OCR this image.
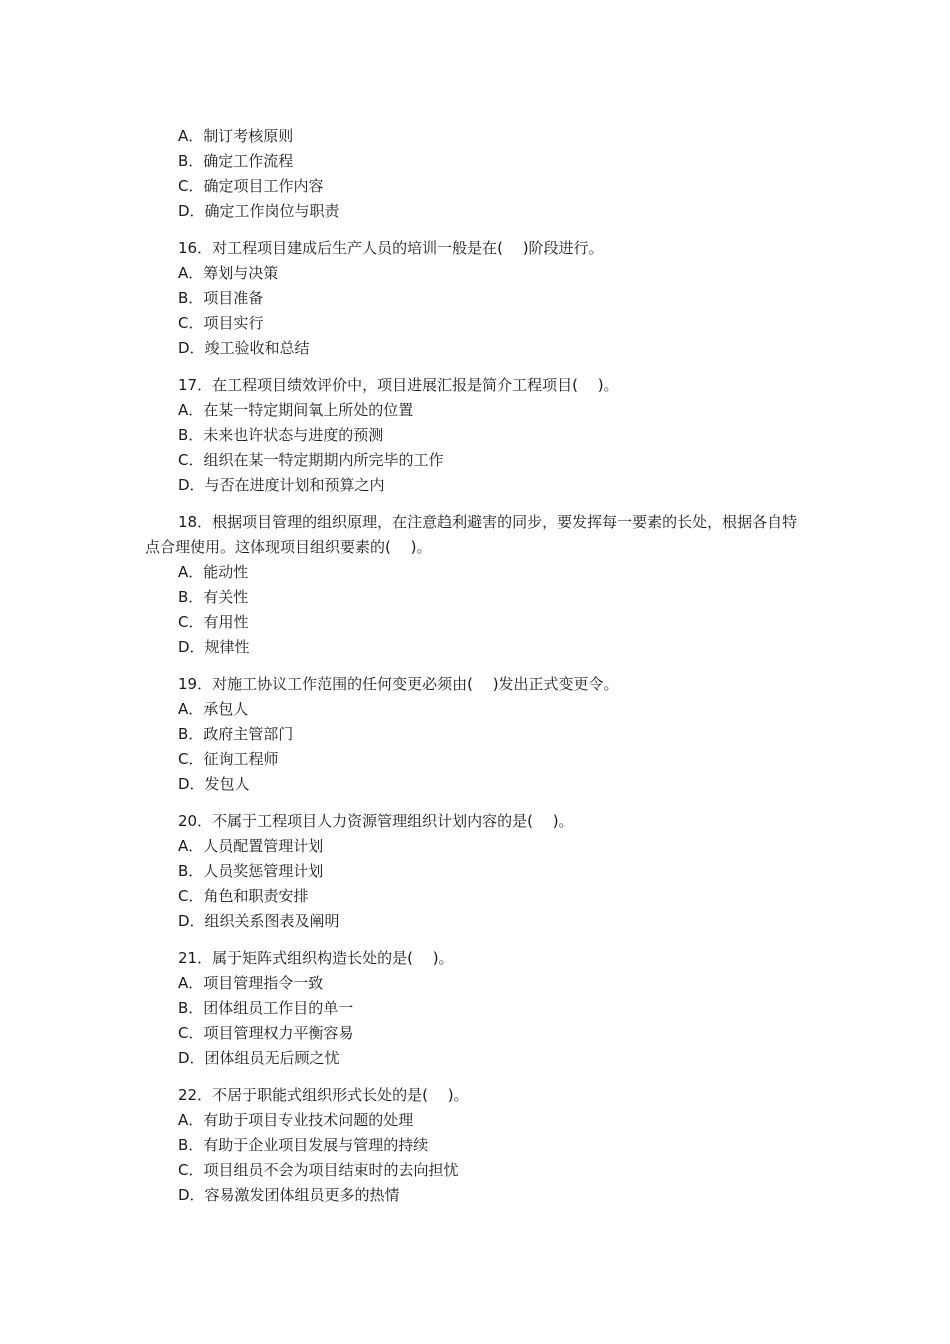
A．制订考核原则
B．确定工作流程
C．确定项目工作内容
D．确定工作岗位与职责
16．对工程项目建成后生产人员的培训一般是在(　 )阶段进行。
A．筹划与决策
B．项目准备
C．项目实行
D．竣工验收和总结
17．在工程项目绩效评价中，项目进展汇报是简介工程项目(　 )。
A．在某一特定期间氧上所处的位置
B．未来也许状态与进度的预测
C．组织在某一特定期期内所完毕的工作
D．与否在进度计划和预算之内
18．根据项目管理的组织原理，在注意趋利避害的同步，要发挥每一要素的长处，根据各自特点合理使用。这体现项目组织要素的(　 )。
A．能动性
B．有关性
C．有用性
D．规律性
19．对施工协议工作范围的任何变更必须由(　 )发出正式变更令。
A．承包人
B．政府主管部门
C．征询工程师
D．发包人
20．不属于工程项目人力资源管理组织计划内容的是(　 )。
A．人员配置管理计划
B．人员奖惩管理计划
C．角色和职责安排
D．组织关系图表及阐明
21．属于矩阵式组织构造长处的是(　 )。
A．项目管理指令一致
B．团体组员工作目的单一
C．项目管理权力平衡容易
D．团体组员无后顾之忧
22．不居于职能式组织形式长处的是(　 )。
A．有助于项目专业技术问题的处理
B．有助于企业项目发展与管理的持续
C．项目组员不会为项目结束时的去向担忧
D．容易激发团体组员更多的热情
